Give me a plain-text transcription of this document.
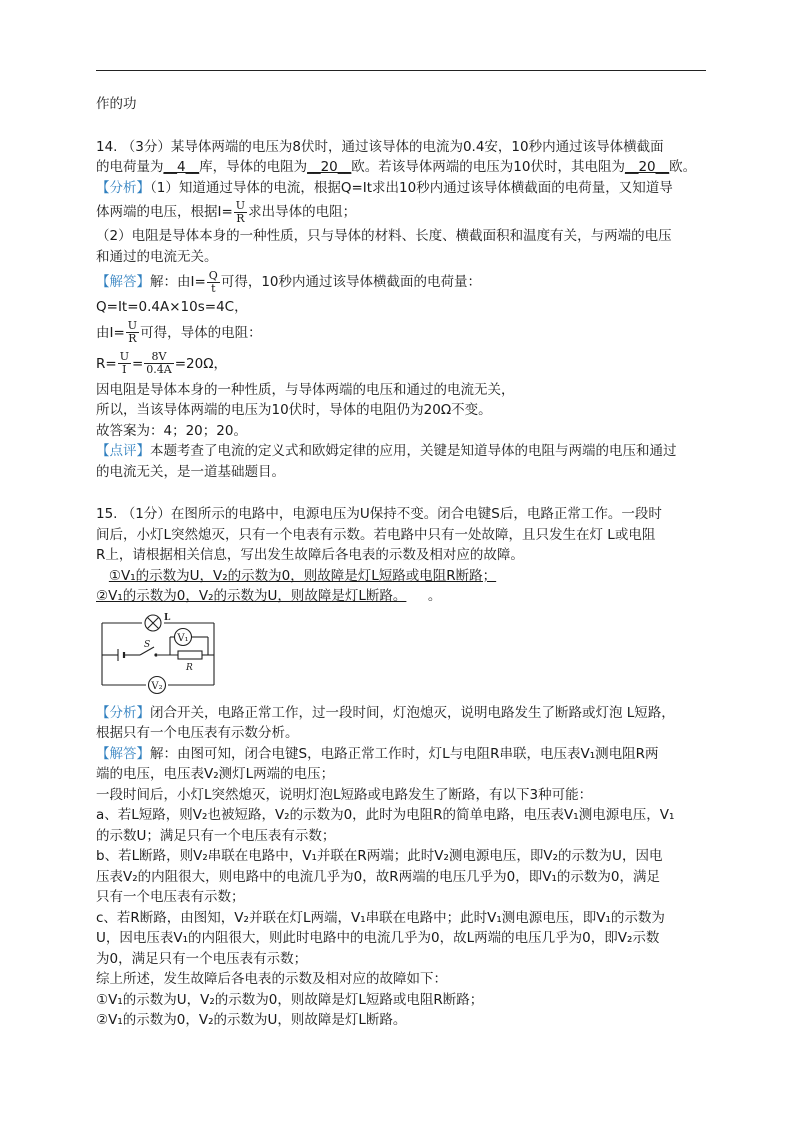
作的功

14. （3分）某导体两端的电压为8伏时，通过该导体的电流为0.4安，10秒内通过该导体横截面

的电荷量为__4__库，导体的电阻为__20__欧。若该导体两端的电压为10伏时，其电阻为__20__欧。

【分析】（1）知道通过导体的电流，根据Q=It求出10秒内通过该导体横截面的电荷量，又知道导

体两端的电压，根据$I= \frac{U}{R}$ 求出导体的电阻；

（2）电阻是导体本身的一种性质，只与导体的材料、长度、横截面积和温度有关，与两端的电压

和通过的电流无关。

【解答】解：由$I= \frac{Q}{t}$ 可得，10秒内通过该导体横截面的电荷量：

Q=It=0.4A×10s=4C，

由$I= \frac{U}{R}$ 可得，导体的电阻：

$R= \frac{U}{I} = \frac{8V}{0.4A} =20\Omega$，

因电阻是导体本身的一种性质，与导体两端的电压和通过的电流无关，

所以，当该导体两端的电压为10伏时，导体的电阻仍为20Ω不变。

故答案为：4；20；20。

【点评】本题考查了电流的定义式和欧姆定律的应用，关键是知道导体的电阻与两端的电压和通过

的电流无关，是一道基础题目。

15. （1分）在图所示的电路中，电源电压为U保持不变。闭合电键S后，电路正常工作。一段时

间后，小灯L突然熄灭，只有一个电表有示数。若电路中只有一处故障，且只发生在灯 L或电阻

R上，请根据相关信息，写出发生故障后各电表的示数及相对应的故障。

①V₁的示数为U，V₂的示数为0，则故障是灯L短路或电阻R断路；

②V₁的示数为0，V₂的示数为U，则故障是灯L断路。 。

V₁
V₂
L
S
R

【分析】闭合开关，电路正常工作，过一段时间，灯泡熄灭，说明电路发生了断路或灯泡 L短路，

根据只有一个电压表有示数分析。

【解答】解：由图可知，闭合电键S，电路正常工作时，灯L与电阻R串联，电压表V₁测电阻R两

端的电压，电压表V₂测灯L两端的电压；

一段时间后，小灯L突然熄灭，说明灯泡L短路或电路发生了断路，有以下3种可能：

a、若L短路，则V₂也被短路，V₂的示数为0，此时为电阻R的简单电路，电压表V₁测电源电压，V₁

的示数U；满足只有一个电压表有示数；

b、若L断路，则V₂串联在电路中，V₁并联在R两端；此时V₂测电源电压，即V₂的示数为U，因电

压表V₂的内阻很大，则电路中的电流几乎为0，故R两端的电压几乎为0，即V₁的示数为0，满足

只有一个电压表有示数；

c、若R断路，由图知，V₂并联在灯L两端，V₁串联在电路中；此时V₁测电源电压，即V₁的示数为

U，因电压表V₁的内阻很大，则此时电路中的电流几乎为0，故L两端的电压几乎为0，即V₂示数

为0，满足只有一个电压表有示数；

综上所述，发生故障后各电表的示数及相对应的故障如下：

①V₁的示数为U，V₂的示数为0，则故障是灯L短路或电阻R断路；

②V₁的示数为0，V₂的示数为U，则故障是灯L断路。
